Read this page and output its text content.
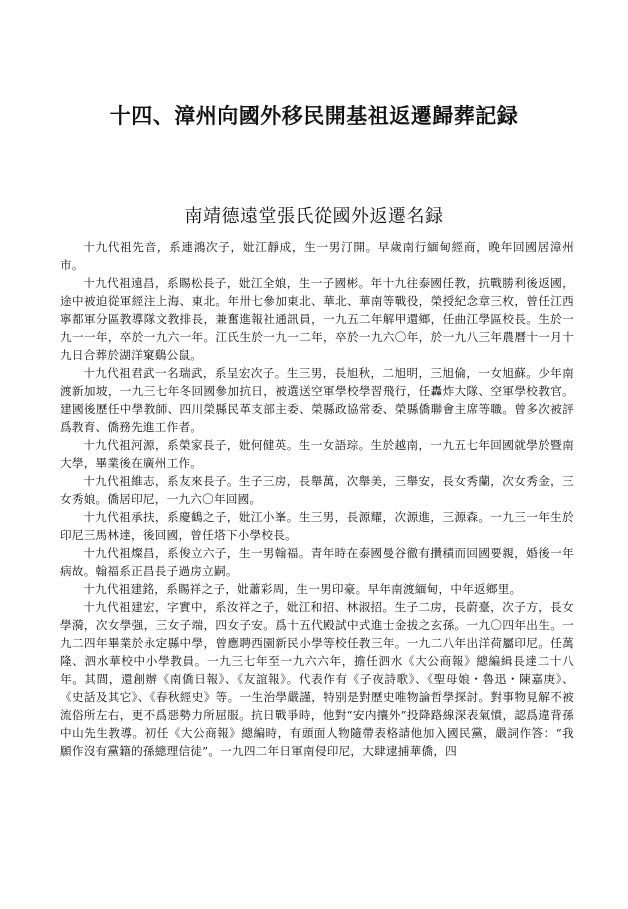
十四、漳州向國外移民開基祖返遷歸葬記録
南靖德遠堂張氏從國外返遷名録

十九代祖先音，系連鴻次子，妣江靜成，生一男汀開。早歲南行緬甸經商，晚年回國居漳州市。

十九代祖遠昌，系賜松長子，妣江全娘，生一子國彬。年十九往泰國任教，抗戰勝利後返國，途中被迫從軍經注上海、東北。年卅七參加東北、華北、華南等戰役，榮授紀念章三枚，曾任江西寧都軍分區教導隊文教排長，兼奮進報社通訊員，一九五二年解甲還鄉，任曲江學區校長。生於一九一一年，卒於一九六一年。江氏生於一九一二年，卒於一九六〇年，於一九八三年農曆十一月十九日合葬於湖洋窠鷄公鼠。

十九代祖君武一名瑞武，系呈宏次子。生三男，長旭秋，二旭明，三旭倫，一女旭蘇。少年南渡新加坡，一九三七年冬回國參加抗日，被選送空軍學校學習飛行，任轟炸大隊、空軍學校教官。建國後歷任中學教師、四川榮縣民革支部主委、榮縣政協常委、榮縣僑聯會主席等職。曾多次被評爲教育、僑務先進工作者。

十九代祖河源，系榮家長子，妣何健英。生一女語琮。生於越南，一九五七年回國就學於暨南大學，畢業後在廣州工作。

十九代祖維志，系友來長子。生子三房，長舉萬，次舉美，三舉安，長女秀蘭，次女秀金，三女秀娘。僑居印尼，一九六〇年回國。

十九代祖承扶，系慶鶴之子，妣江小峯。生三男，長源耀，次源進，三源森。一九三一年生於印尼三馬林達，後回國，曾任塔下小學校長。

十九代祖燦昌，系俊立六子，生一男翰福。青年時在泰國曼谷徹有攢積而回國要親，婚後一年病故。翰福系正昌長子過房立嗣。

十九代祖建銘，系賜祥之子，妣蕭彩周，生一男印豪。早年南渡緬甸，中年返鄉里。

十九代祖建宏，字實中，系汝祥之子，妣江和招、林淑招。生子二房，長蔚臺，次子方，長女學漪，次女學强，三女子端，四女子安。爲十五代殿試中式進士金拔之玄孫。一九〇四年出生。一九二四年畢業於永定縣中學，曾應聘西園新民小學等校任教三年。一九二八年出洋荷屬印尼。任萬隆、泗水華校中小學教員。一九三七年至一九六六年，擔任泗水《大公商報》總編緝長達二十八年。其間，還創辦《南僑日報》、《友誼報》。代表作有《子夜詩歌》、《聖母娘・魯迅・陳嘉庚》、《史話及其它》、《春秋經史》等。一生治學嚴謹，特别是對歷史唯物論哲學探討。對事物見解不被流俗所左右，更不爲惡勢力所屈服。抗日戰爭時，他對“安内攘外”投降路線深表氣憤，認爲違背孫中山先生教導。初任《大公商報》總編時，有頭面人物隨帶表格請他加入國民黨，嚴詞作答：“我願作沒有黨籍的孫總理信徒”。一九四二年日軍南侵印尼，大肆逮捕華僑，四
